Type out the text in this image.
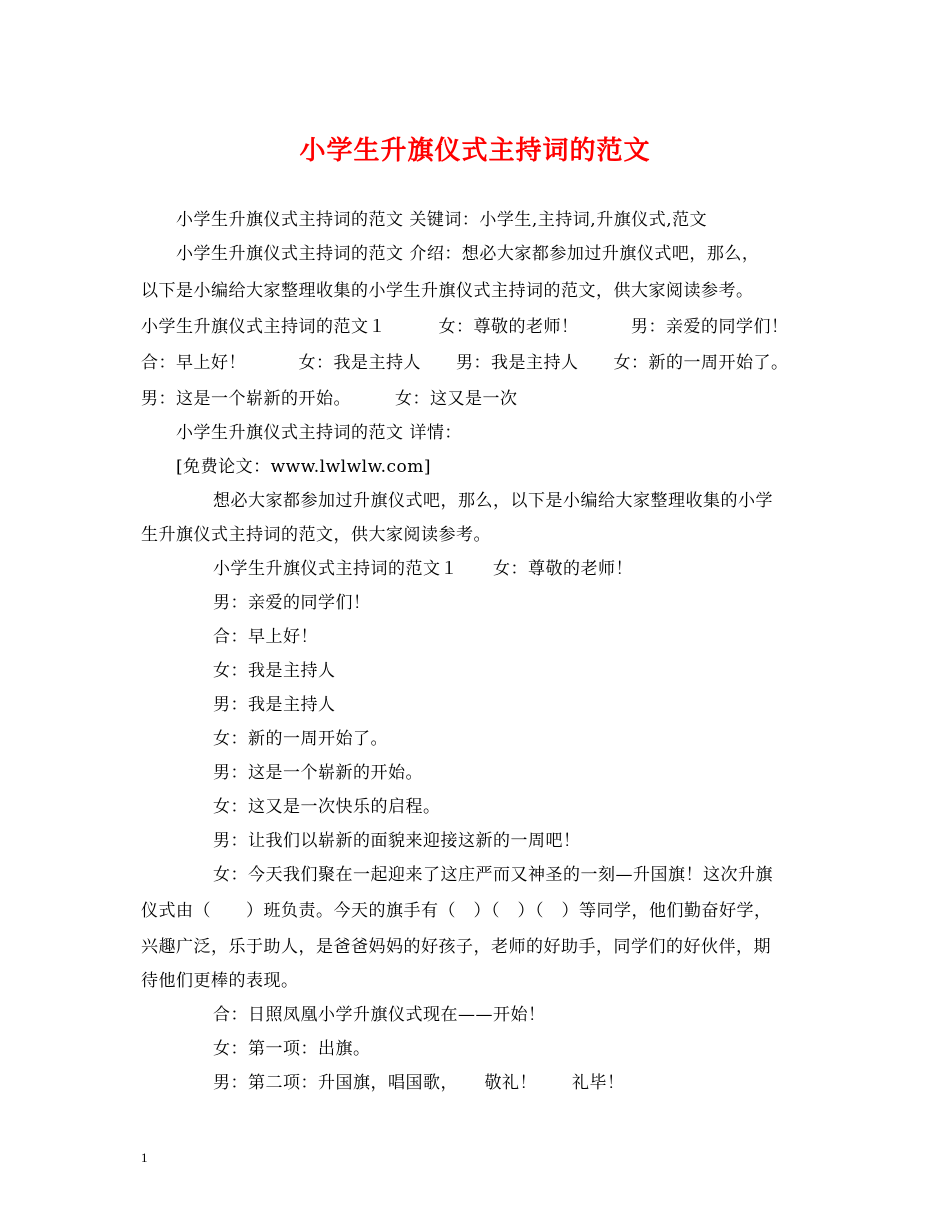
小学生升旗仪式主持词的范文
小学生升旗仪式主持词的范文 关键词：小学生,主持词,升旗仪式,范文
小学生升旗仪式主持词的范文 介绍：想必大家都参加过升旗仪式吧，那么，
以下是小编给大家整理收集的小学生升旗仪式主持词的范文，供大家阅读参考。
小学生升旗仪式主持词的范文１　　　女：尊敬的老师！　　　男：亲爱的同学们！
合：早上好！　　　女：我是主持人　　男：我是主持人　　女：新的一周开始了。
男：这是一个崭新的开始。　　　女：这又是一次
小学生升旗仪式主持词的范文 详情：
[免费论文：www.lwlwlw.com]
想必大家都参加过升旗仪式吧，那么，以下是小编给大家整理收集的小学
生升旗仪式主持词的范文，供大家阅读参考。
小学生升旗仪式主持词的范文１　　女：尊敬的老师！
男：亲爱的同学们！
合：早上好！
女：我是主持人
男：我是主持人
女：新的一周开始了。
男：这是一个崭新的开始。
女：这又是一次快乐的启程。
男：让我们以崭新的面貌来迎接这新的一周吧！
女：今天我们聚在一起迎来了这庄严而又神圣的一刻—升国旗！这次升旗
仪式由（　　）班负责。今天的旗手有（　）（　）（　）等同学，他们勤奋好学，
兴趣广泛，乐于助人，是爸爸妈妈的好孩子，老师的好助手，同学们的好伙伴，期
待他们更棒的表现。
合：日照凤凰小学升旗仪式现在——开始！
女：第一项：出旗。
男：第二项：升国旗，唱国歌，　　敬礼！　　礼毕！
1
